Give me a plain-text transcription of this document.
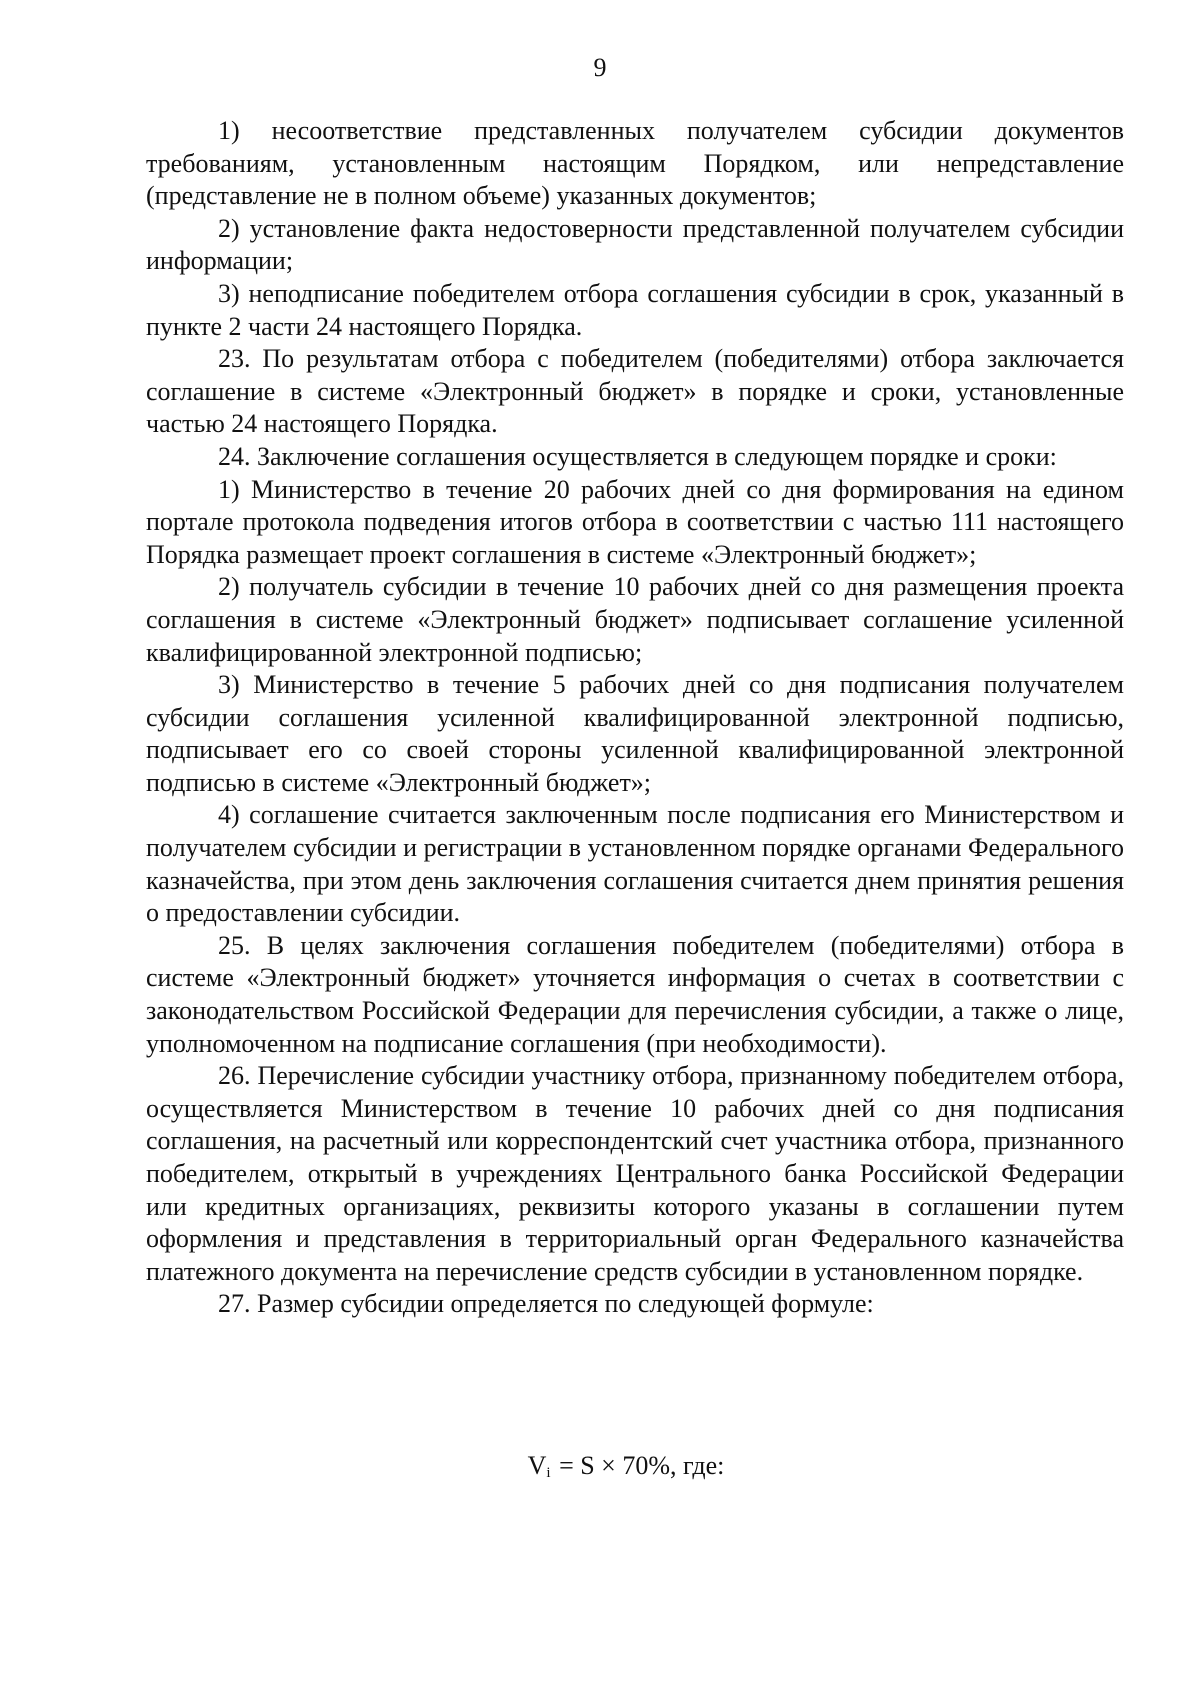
9

1) несоответствие представленных получателем субсидии документов требованиям, установленным настоящим Порядком, или непредставление (представление не в полном объеме) указанных документов;

2) установление факта недостоверности представленной получателем субсидии информации;

3) неподписание победителем отбора соглашения субсидии в срок, указанный в пункте 2 части 24 настоящего Порядка.

23. По результатам отбора с победителем (победителями) отбора заключается соглашение в системе «Электронный бюджет» в порядке и сроки, установленные частью 24 настоящего Порядка.

24. Заключение соглашения осуществляется в следующем порядке и сроки:

1) Министерство в течение 20 рабочих дней со дня формирования на едином портале протокола подведения итогов отбора в соответствии с частью 111 настоящего Порядка размещает проект соглашения в системе «Электронный бюджет»;

2) получатель субсидии в течение 10 рабочих дней со дня размещения проекта соглашения в системе «Электронный бюджет» подписывает соглашение усиленной квалифицированной электронной подписью;

3) Министерство в течение 5 рабочих дней со дня подписания получателем субсидии соглашения усиленной квалифицированной электронной подписью, подписывает его со своей стороны усиленной квалифицированной электронной подписью в системе «Электронный бюджет»;

4) соглашение считается заключенным после подписания его Министерством и получателем субсидии и регистрации в установленном порядке органами Федерального казначейства, при этом день заключения соглашения считается днем принятия решения о предоставлении субсидии.

25. В целях заключения соглашения победителем (победителями) отбора в системе «Электронный бюджет» уточняется информация о счетах в соответствии с законодательством Российской Федерации для перечисления субсидии, а также о лице, уполномоченном на подписание соглашения (при необходимости).

26. Перечисление субсидии участнику отбора, признанному победителем отбора, осуществляется Министерством в течение 10 рабочих дней со дня подписания соглашения, на расчетный или корреспондентский счет участника отбора, признанного победителем, открытый в учреждениях Центрального банка Российской Федерации или кредитных организациях, реквизиты которого указаны в соглашении путем оформления и представления в территориальный орган Федерального казначейства платежного документа на перечисление средств субсидии в установленном порядке.

27. Размер субсидии определяется по следующей формуле:

$V_i = S \times 70\%$, где:
